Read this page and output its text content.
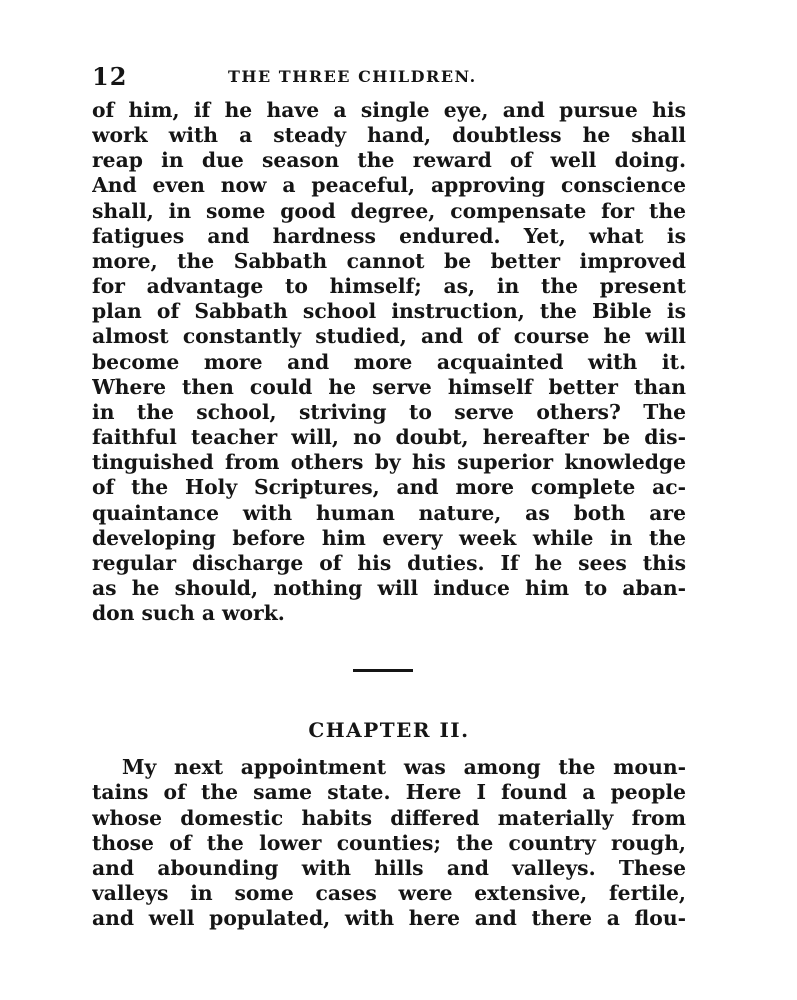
12	THE THREE CHILDREN.
of him, if he have a single eye, and pursue his
work with a steady hand, doubtless he shall
reap in due season the reward of well doing.
And even now a peaceful, approving conscience
shall, in some good degree, compensate for the
fatigues and hardness endured. Yet, what is
more, the Sabbath cannot be better improved
for advantage to himself; as, in the present
plan of Sabbath school instruction, the Bible is
almost constantly studied, and of course he will
become more and more acquainted with it.
Where then could he serve himself better than
in the school, striving to serve others? The
faithful teacher will, no doubt, hereafter be dis-
tinguished from others by his superior knowledge
of the Holy Scriptures, and more complete ac-
quaintance with human nature, as both are
developing before him every week while in the
regular discharge of his duties. If he sees this
as he should, nothing will induce him to aban-
don such a work.
CHAPTER II.
My next appointment was among the moun-
tains of the same state. Here I found a people
whose domestic habits differed materially from
those of the lower counties; the country rough,
and abounding with hills and valleys. These
valleys in some cases were extensive, fertile,
and well populated, with here and there a flou-
